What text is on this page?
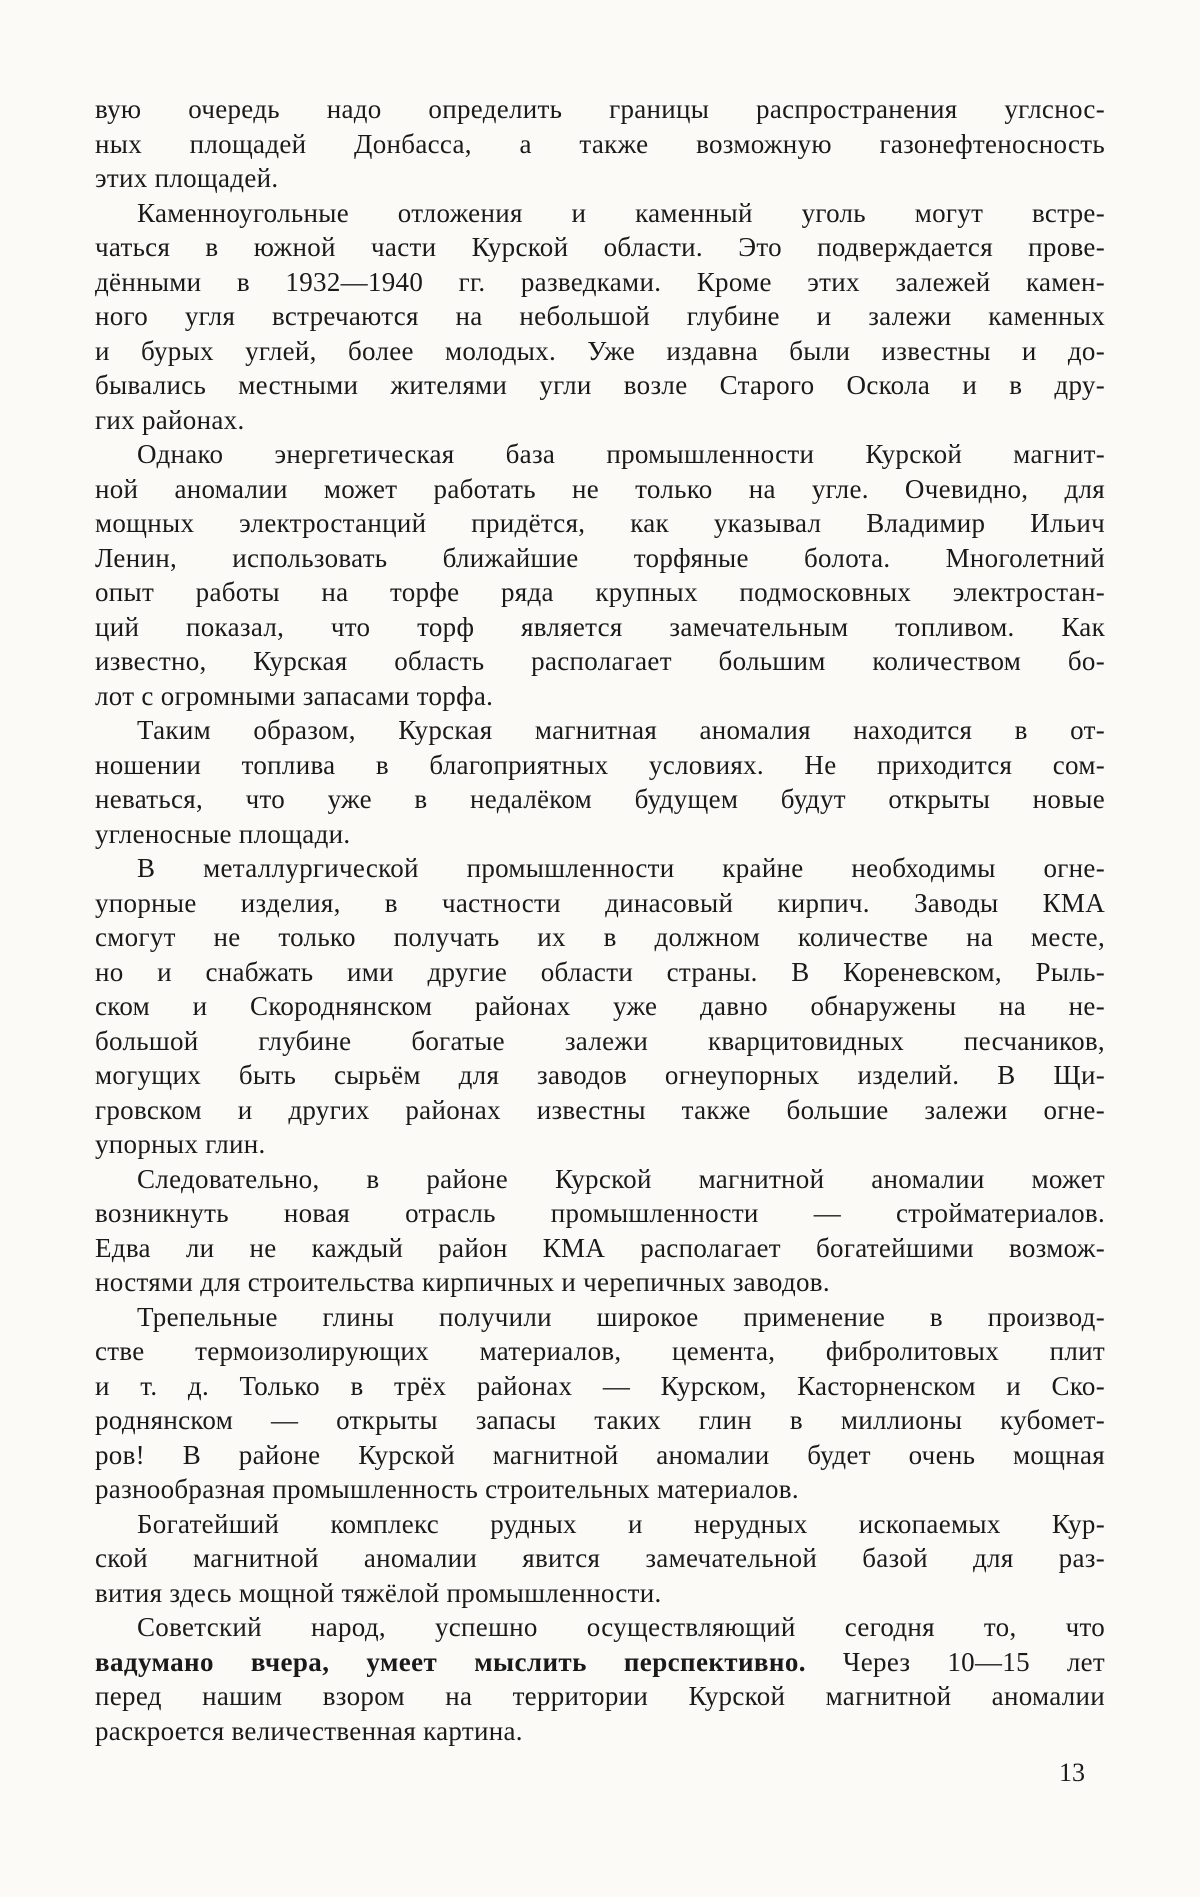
вую очередь надо определить границы распространения углснос-
ных площадей Донбасса, а также возможную газонефтеносность
этих площадей.
Каменноугольные отложения и каменный уголь могут встре-
чаться в южной части Курской области. Это подверждается прове-
дёнными в 1932—1940 гг. разведками. Кроме этих залежей камен-
ного угля встречаются на небольшой глубине и залежи каменных
и бурых углей, более молодых. Уже издавна были известны и до-
бывались местными жителями угли возле Старого Оскола и в дру-
гих районах.
Однако энергетическая база промышленности Курской магнит-
ной аномалии может работать не только на угле. Очевидно, для
мощных электростанций придётся, как указывал Владимир Ильич
Ленин, использовать ближайшие торфяные болота. Многолетний
опыт работы на торфе ряда крупных подмосковных электростан-
ций показал, что торф является замечательным топливом. Как
известно, Курская область располагает большим количеством бо-
лот с огромными запасами торфа.
Таким образом, Курская магнитная аномалия находится в от-
ношении топлива в благоприятных условиях. Не приходится сом-
неваться, что уже в недалёком будущем будут открыты новые
угленосные площади.
В металлургической промышленности крайне необходимы огне-
упорные изделия, в частности динасовый кирпич. Заводы КМА
смогут не только получать их в должном количестве на месте,
но и снабжать ими другие области страны. В Кореневском, Рыль-
ском и Скороднянском районах уже давно обнаружены на не-
большой глубине богатые залежи кварцитовидных песчаников,
могущих быть сырьём для заводов огнеупорных изделий. В Щи-
гровском и других районах известны также большие залежи огне-
упорных глин.
Следовательно, в районе Курской магнитной аномалии может
возникнуть новая отрасль промышленности — стройматериалов.
Едва ли не каждый район КМА располагает богатейшими возмож-
ностями для строительства кирпичных и черепичных заводов.
Трепельные глины получили широкое применение в производ-
стве термоизолирующих материалов, цемента, фибролитовых плит
и т. д. Только в трёх районах — Курском, Касторненском и Ско-
роднянском — открыты запасы таких глин в миллионы кубомет-
ров! В районе Курской магнитной аномалии будет очень мощная
разнообразная промышленность строительных материалов.
Богатейший комплекс рудных и нерудных ископаемых Кур-
ской магнитной аномалии явится замечательной базой для раз-
вития здесь мощной тяжёлой промышленности.
Советский народ, успешно осуществляющий сегодня то, что
вадумано вчера, умеет мыслить перспективно. Через 10—15 лет
перед нашим взором на территории Курской магнитной аномалии
раскроется величественная картина.
13
